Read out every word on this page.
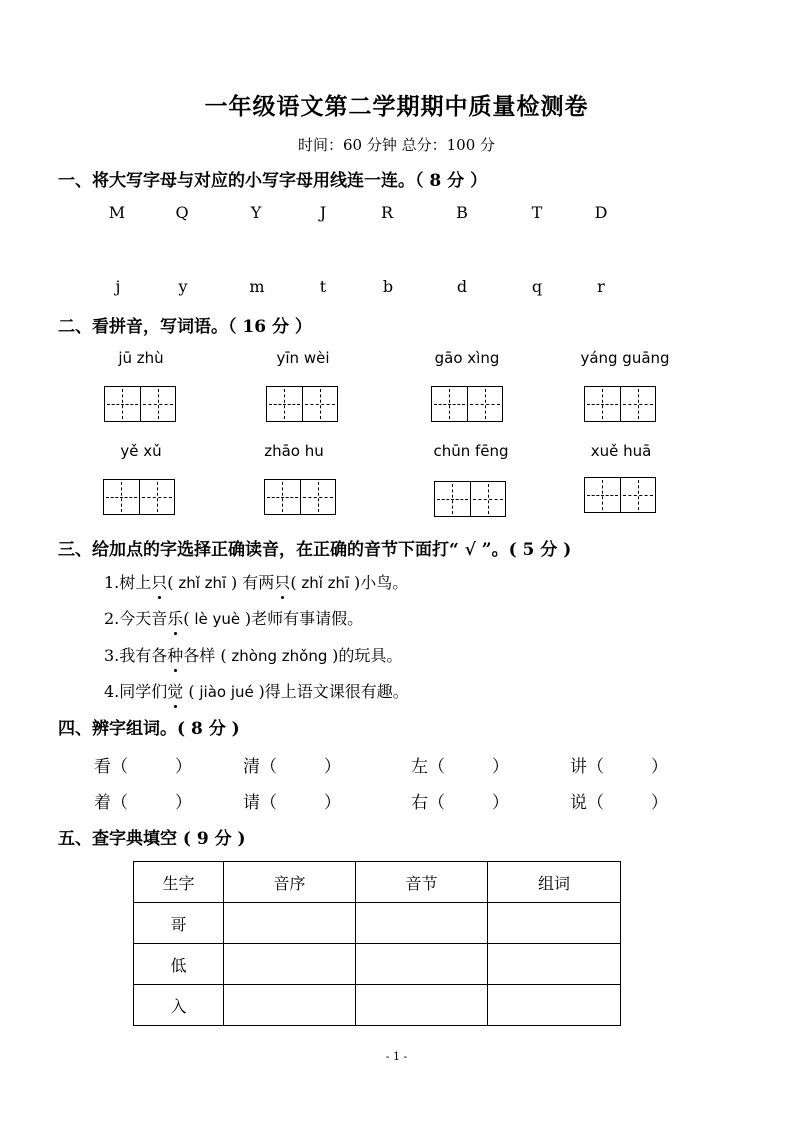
一年级语文第二学期期中质量检测卷
时间：60 分钟 总分：100 分
一、将大写字母与对应的小写字母用线连一连。（ 8 分 ）
M	Q	Y	J	R	B	T	D
j	y	m	t	b	d	q	r
二、看拼音，写词语。（ 16 分 ）
jū zhù	yīn wèi	gāo xìng	yáng guāng
yě xǔ	zhāo hu	chūn fēng	xuě huā
三、给加点的字选择正确读音，在正确的音节下面打“ √ ”。( 5 分 )
1.树上只( zhǐ zhī ) 有两只( zhǐ zhī )小鸟。
2.今天音乐( lè yuè )老师有事请假。
3.我有各种各样 ( zhòng zhǒng )的玩具。
4.同学们觉 ( jiào jué )得上语文课很有趣。
四、辨字组词。( 8 分 )
看（	）	清（	）	左（	）	讲（	）
着（	）	请（	）	右（	）	说（	）
五、查字典填空 ( 9 分 )
生字	音序	音节	组词
哥			
低			
入			
- 1 -
